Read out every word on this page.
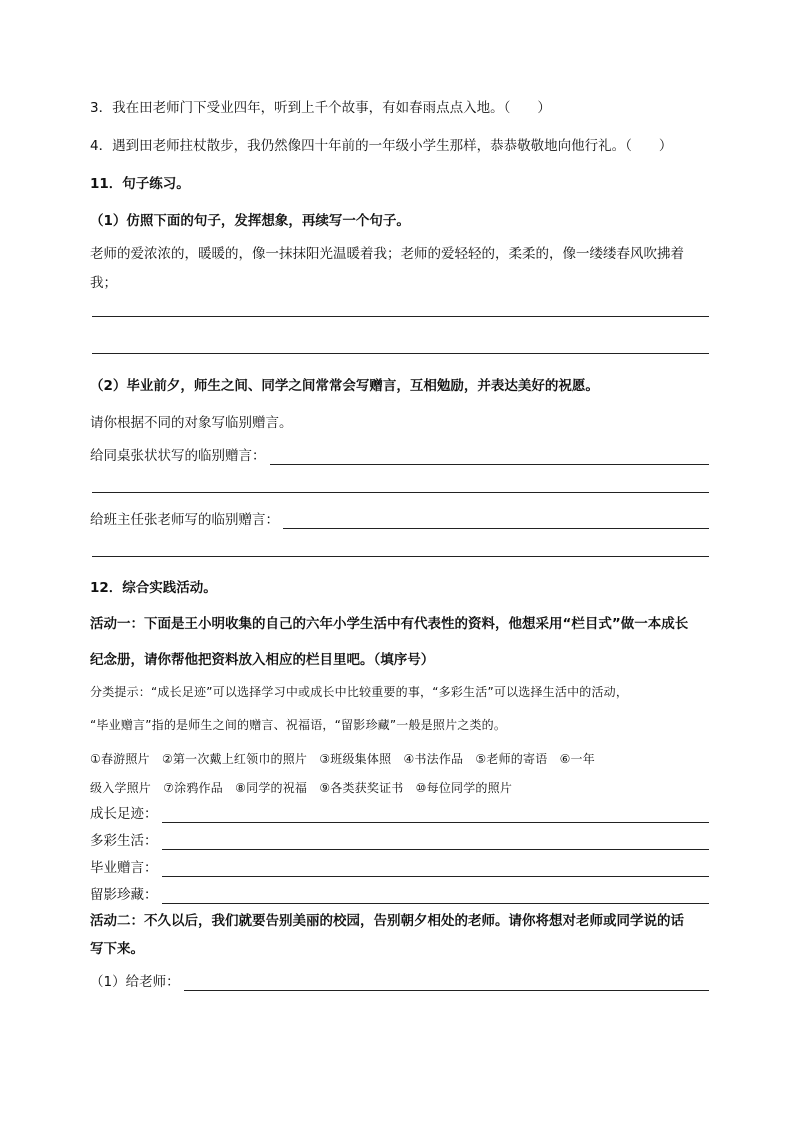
3．我在田老师门下受业四年，听到上千个故事，有如春雨点点入地。（　　）
4．遇到田老师拄杖散步，我仍然像四十年前的一年级小学生那样，恭恭敬敬地向他行礼。（　　）
11．句子练习。
（1）仿照下面的句子，发挥想象，再续写一个句子。
老师的爱浓浓的，暖暖的，像一抹抹阳光温暖着我；老师的爱轻轻的，柔柔的，像一缕缕春风吹拂着
我；
（2）毕业前夕，师生之间、同学之间常常会写赠言，互相勉励，并表达美好的祝愿。
请你根据不同的对象写临别赠言。
给同桌张状状写的临别赠言：
给班主任张老师写的临别赠言：
12．综合实践活动。
活动一：下面是王小明收集的自己的六年小学生活中有代表性的资料，他想采用“栏目式”做一本成长
纪念册，请你帮他把资料放入相应的栏目里吧。（填序号）
分类提示：“成长足迹”可以选择学习中或成长中比较重要的事，“多彩生活”可以选择生活中的活动，
“毕业赠言”指的是师生之间的赠言、祝福语，“留影珍藏”一般是照片之类的。
①春游照片　②第一次戴上红领巾的照片　③班级集体照　④书法作品　⑤老师的寄语　⑥一年
级入学照片　⑦涂鸦作品　⑧同学的祝福　⑨各类获奖证书　⑩每位同学的照片
成长足迹：
多彩生活：
毕业赠言：
留影珍藏：
活动二：不久以后，我们就要告别美丽的校园，告别朝夕相处的老师。请你将想对老师或同学说的话
写下来。
（1）给老师：
